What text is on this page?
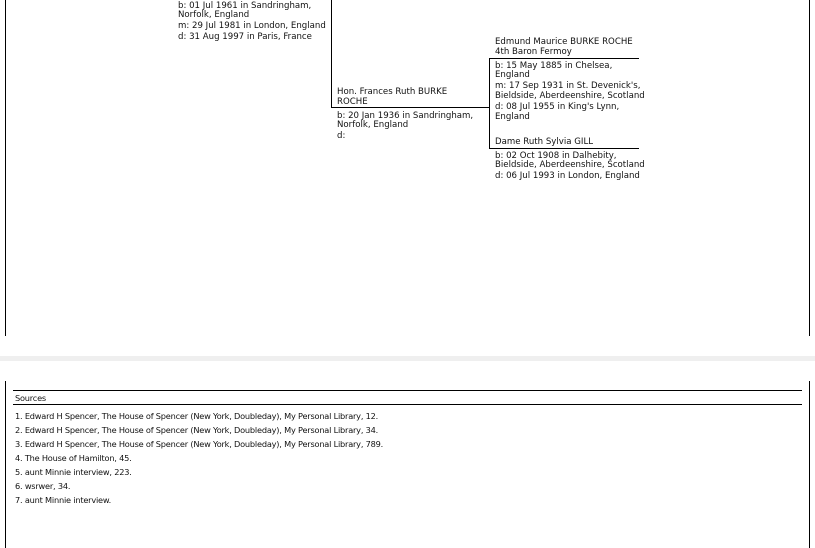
b: 01 Jul 1961 in Sandringham,
Norfolk, England
m: 29 Jul 1981 in London, England
d: 31 Aug 1997 in Paris, France
Hon. Frances Ruth BURKE
ROCHE
b: 20 Jan 1936 in Sandringham,
Norfolk, England
d:
Edmund Maurice BURKE ROCHE
4th Baron Fermoy
b: 15 May 1885 in Chelsea,
England
m: 17 Sep 1931 in St. Devenick's,
Bieldside, Aberdeenshire, Scotland
d: 08 Jul 1955 in King's Lynn,
England
Dame Ruth Sylvia GILL
b: 02 Oct 1908 in Dalhebity,
Bieldside, Aberdeenshire, Scotland
d: 06 Jul 1993 in London, England
Sources
1. Edward H Spencer, The House of Spencer (New York, Doubleday), My Personal Library, 12.
2. Edward H Spencer, The House of Spencer (New York, Doubleday), My Personal Library, 34.
3. Edward H Spencer, The House of Spencer (New York, Doubleday), My Personal Library, 789.
4. The House of Hamilton, 45.
5. aunt Minnie interview, 223.
6. wsrwer, 34.
7. aunt Minnie interview.
